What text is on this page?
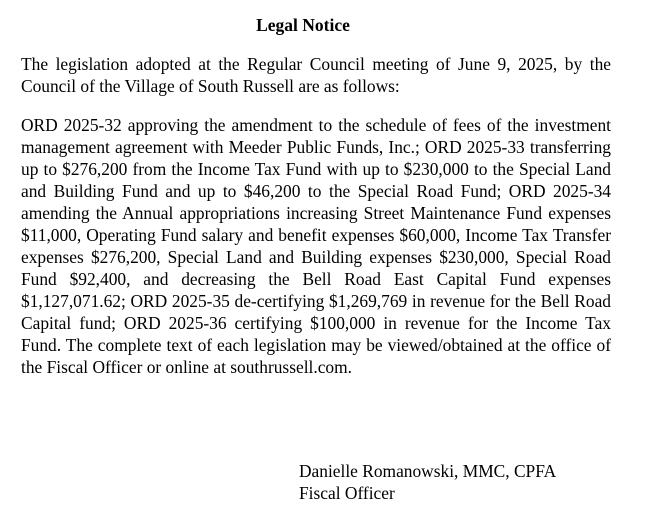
Legal Notice
The legislation adopted at the Regular Council meeting of June 9, 2025, by the Council of the Village of South Russell are as follows:
ORD 2025-32 approving the amendment to the schedule of fees of the investment management agreement with Meeder Public Funds, Inc.; ORD 2025-33 transferring up to $276,200 from the Income Tax Fund with up to $230,000 to the Special Land and Building Fund and up to $46,200 to the Special Road Fund; ORD 2025-34 amending the Annual appropriations increasing Street Maintenance Fund expenses $11,000, Operating Fund salary and benefit expenses $60,000, Income Tax Transfer expenses $276,200, Special Land and Building expenses $230,000, Special Road Fund $92,400, and decreasing the Bell Road East Capital Fund expenses $1,127,071.62; ORD 2025-35 de-certifying $1,269,769 in revenue for the Bell Road Capital fund; ORD 2025-36 certifying $100,000 in revenue for the Income Tax Fund. The complete text of each legislation may be viewed/obtained at the office of the Fiscal Officer or online at southrussell.com.
Danielle Romanowski, MMC, CPFA
Fiscal Officer
